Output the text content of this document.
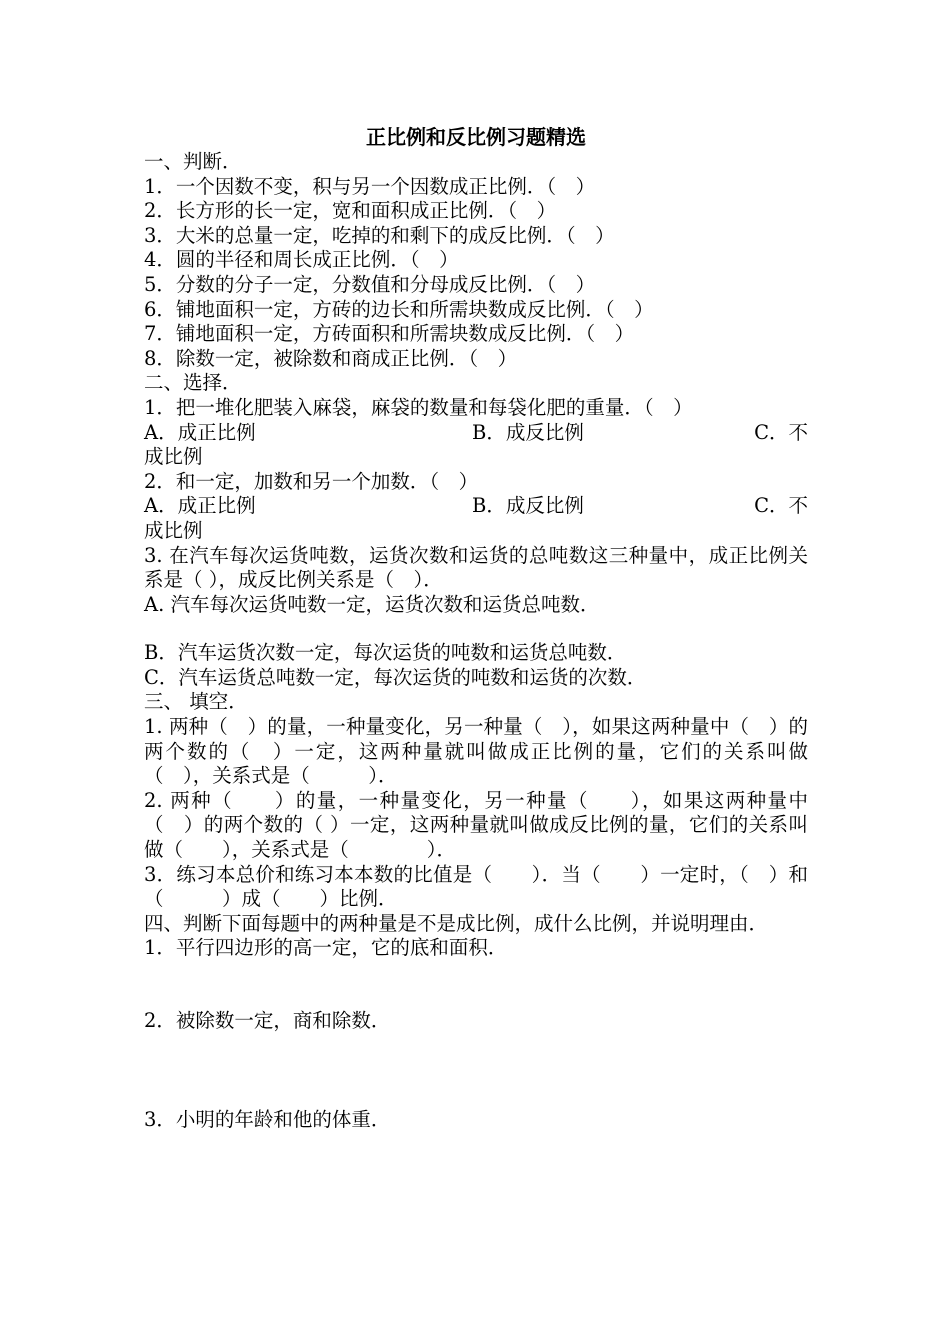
正比例和反比例习题精选
一、判断．
1．一个因数不变，积与另一个因数成正比例．（　）
2．长方形的长一定，宽和面积成正比例．（　）
3．大米的总量一定，吃掉的和剩下的成反比例．（　）
4．圆的半径和周长成正比例．（　）
5．分数的分子一定，分数值和分母成反比例．（　）
6．铺地面积一定，方砖的边长和所需块数成反比例．（　）
7．铺地面积一定，方砖面积和所需块数成反比例．（　）
8．除数一定，被除数和商成正比例．（　）
二、选择．
1．把一堆化肥装入麻袋，麻袋的数量和每袋化肥的重量．（　）
A．成正比例	B．成反比例	C．不
成比例
2．和一定，加数和另一个加数．（　）
A．成正比例	B．成反比例	C．不
成比例
3. 在汽车每次运货吨数，运货次数和运货的总吨数这三种量中，成正比例关系是（ ），成反比例关系是（　）．
A. 汽车每次运货吨数一定，运货次数和运货总吨数．
B．汽车运货次数一定，每次运货的吨数和运货总吨数．
C．汽车运货总吨数一定，每次运货的吨数和运货的次数．
三、 填空．
1. 两种（　）的量，一种量变化，另一种量（　），如果这两种量中（　）的两个数的（　）一定，这两种量就叫做成正比例的量，它们的关系叫做（　），关系式是（　　　）．
2. 两种（　　）的量，一种量变化，另一种量（　　），如果这两种量中（　）的两个数的（ ）一定，这两种量就叫做成反比例的量，它们的关系叫做（　　），关系式是（　　　　）．
3．练习本总价和练习本本数的比值是（　　）．当（　　）一定时，（　）和（　　　）成（　　）比例．
四、判断下面每题中的两种量是不是成比例，成什么比例，并说明理由．
1．平行四边形的高一定，它的底和面积．
2．被除数一定，商和除数．
3．小明的年龄和他的体重．
